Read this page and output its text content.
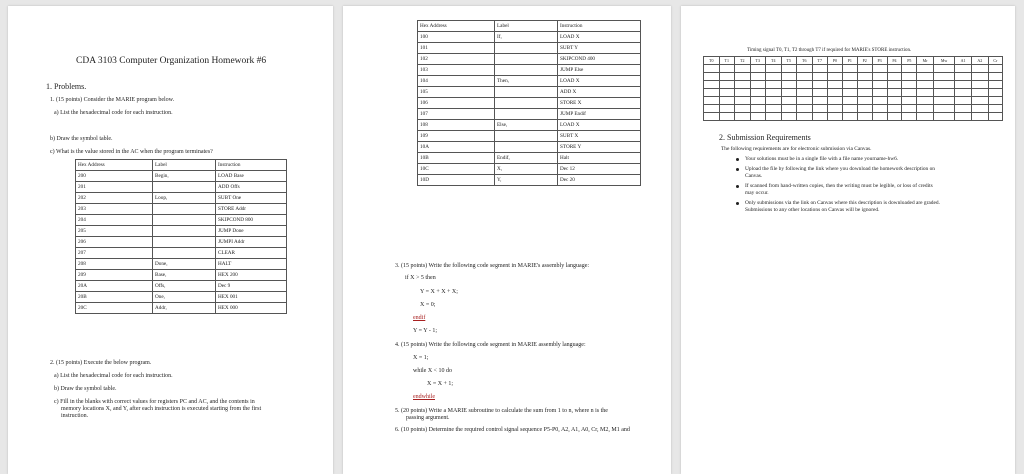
CDA 3103 Computer Organization Homework #6
1. Problems.
1. (15 points) Consider the MARIE program below.
a) List the hexadecimal code for each instruction.
b) Draw the symbol table.
c) What is the value stored in the AC when the program terminates?
Hex Address	Label	Instruction
200	Begin,	LOAD Base
201		ADD Offs
202	Loop,	SUBT One
203		STORE Addr
204		SKIPCOND 800
205		JUMP Done
206		JUMPI Addr
207		CLEAR
208	Done,	HALT
209	Base,	HEX 200
20A	Offs,	Dec 9
20B	One,	HEX 001
20C	Addr,	HEX 000
2. (15 points) Execute the below program.
a) List the hexadecimal code for each instruction.
b) Draw the symbol table.
c) Fill in the blanks with correct values for registers PC and AC, and the contents in
memory locations X, and Y, after each instruction is executed starting from the first
instruction.
Hex Address	Label	Instruction
100	If,	LOAD X
101		SUBT Y
102		SKIPCOND 400
103		JUMP Else
104	Then,	LOAD X
105		ADD X
106		STORE X
107		JUMP Endif
108	Else,	LOAD X
109		SUBT X
10A		STORE Y
10B	Endif,	Halt
10C	X,	Dec 12
10D	Y,	Dec 20
3. (15 points) Write the following code segment in MARIE's assembly language:
if X > 5 then
Y = X + X + X;
X = 0;
endif
Y = Y - 1;
4. (15 points) Write the following code segment in MARIE assembly language:
X = 1;
while X < 10 do
X = X + 1;
endwhile
5. (20 points) Write a MARIE subroutine to calculate the sum from 1 to n, where n is the
passing argument.
6. (10 points) Determine the required control signal sequence P5-P0, A2, A1, A0, Cr, M2, M1 and
Timing signal T0, T1, T2 through T7 if required for MARIE's STORE instruction.
T0	T1	T2	T3	T4	T5	T6	T7	P0	P1	P2	P3	P4	P5	Mr	Mw	A1	A2	Cr

2. Submission Requirements
The following requirements are for electronic submission via Canvas.
Your solutions must be in a single file with a file name yourname-hw6.
Upload the file by following the link where you download the homework description on
Canvas.
If scanned from hand-written copies, then the writing must be legible, or loss of credits
may occur.
Only submissions via the link on Canvas where this description is downloaded are graded.
Submissions to any other locations on Canvas will be ignored.
